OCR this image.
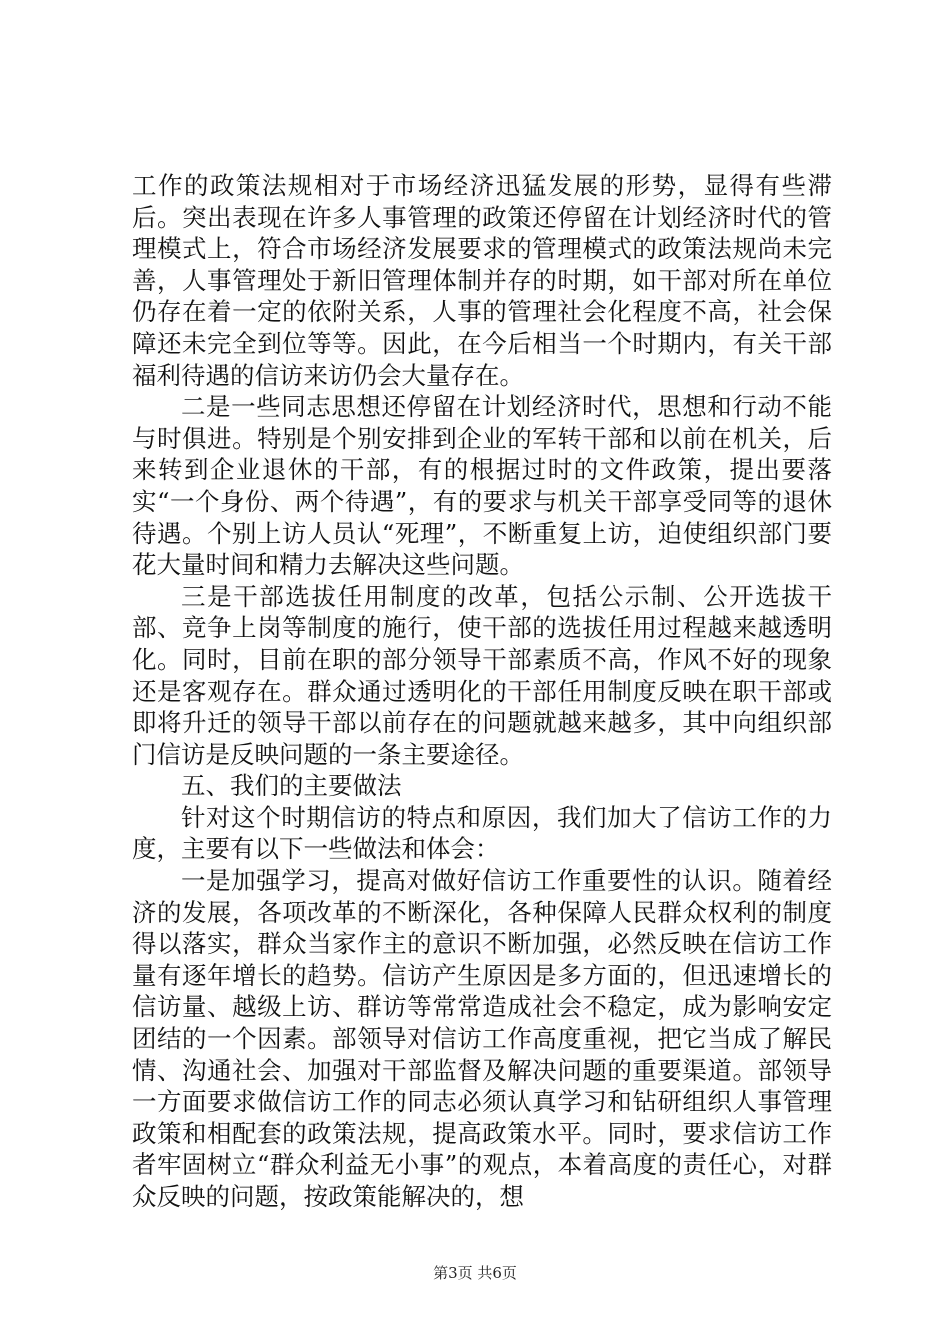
工作的政策法规相对于市场经济迅猛发展的形势，显得有些滞后。突出表现在许多人事管理的政策还停留在计划经济时代的管理模式上，符合市场经济发展要求的管理模式的政策法规尚未完善，人事管理处于新旧管理体制并存的时期，如干部对所在单位仍存在着一定的依附关系，人事的管理社会化程度不高，社会保障还未完全到位等等。因此，在今后相当一个时期内，有关干部福利待遇的信访来访仍会大量存在。

二是一些同志思想还停留在计划经济时代，思想和行动不能与时俱进。特别是个别安排到企业的军转干部和以前在机关，后来转到企业退休的干部，有的根据过时的文件政策，提出要落实“一个身份、两个待遇”，有的要求与机关干部享受同等的退休待遇。个别上访人员认“死理”，不断重复上访，迫使组织部门要花大量时间和精力去解决这些问题。

三是干部选拔任用制度的改革，包括公示制、公开选拔干部、竞争上岗等制度的施行，使干部的选拔任用过程越来越透明化。同时，目前在职的部分领导干部素质不高，作风不好的现象还是客观存在。群众通过透明化的干部任用制度反映在职干部或即将升迁的领导干部以前存在的问题就越来越多，其中向组织部门信访是反映问题的一条主要途径。

五、我们的主要做法

针对这个时期信访的特点和原因，我们加大了信访工作的力度，主要有以下一些做法和体会：

一是加强学习，提高对做好信访工作重要性的认识。随着经济的发展，各项改革的不断深化，各种保障人民群众权利的制度得以落实，群众当家作主的意识不断加强，必然反映在信访工作量有逐年增长的趋势。信访产生原因是多方面的，但迅速增长的信访量、越级上访、群访等常常造成社会不稳定，成为影响安定团结的一个因素。部领导对信访工作高度重视，把它当成了解民情、沟通社会、加强对干部监督及解决问题的重要渠道。部领导一方面要求做信访工作的同志必须认真学习和钻研组织人事管理政策和相配套的政策法规，提高政策水平。同时，要求信访工作者牢固树立“群众利益无小事”的观点，本着高度的责任心，对群众反映的问题，按政策能解决的，想

第3页 共6页
